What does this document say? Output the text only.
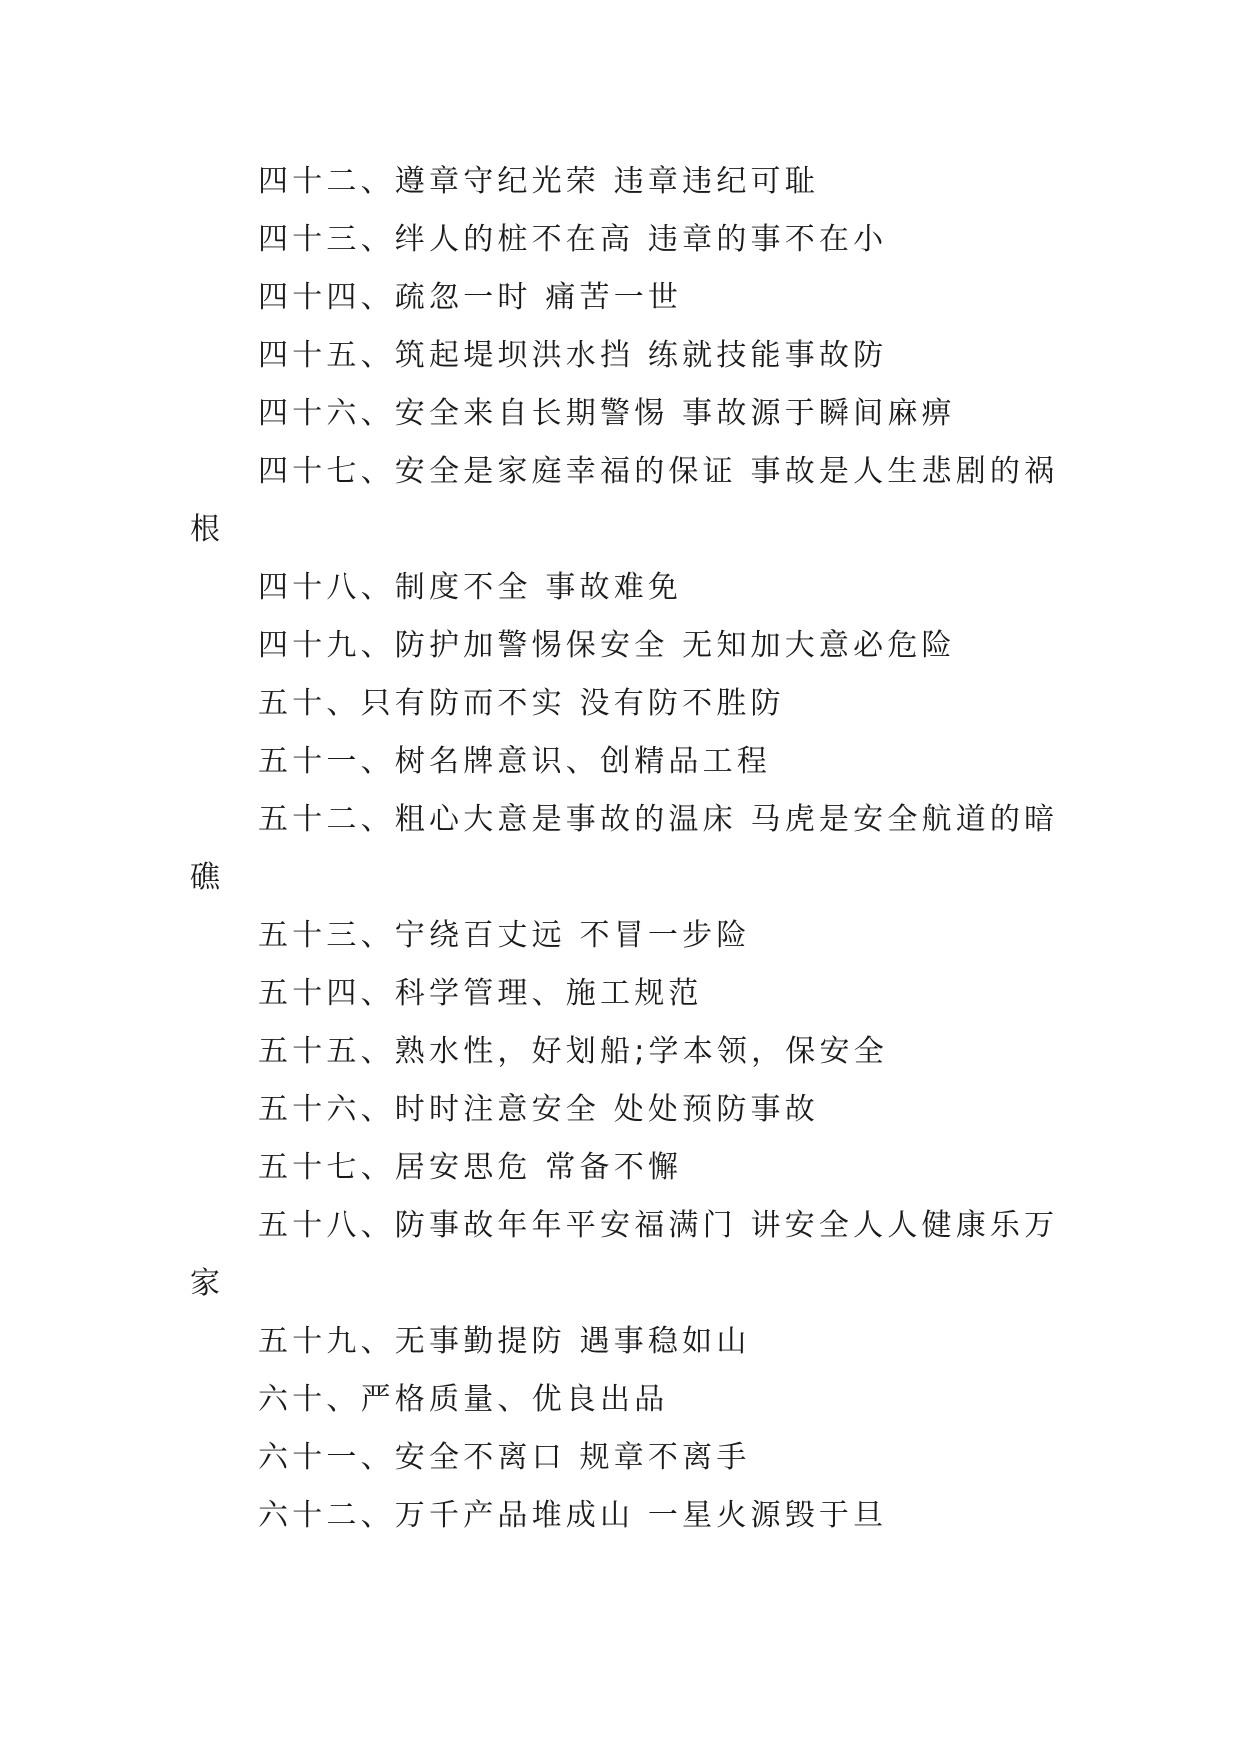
四十二、遵章守纪光荣 违章违纪可耻

四十三、绊人的桩不在高 违章的事不在小

四十四、疏忽一时 痛苦一世

四十五、筑起堤坝洪水挡 练就技能事故防

四十六、安全来自长期警惕 事故源于瞬间麻痹

四十七、安全是家庭幸福的保证 事故是人生悲剧的祸根

四十八、制度不全 事故难免

四十九、防护加警惕保安全 无知加大意必危险

五十、只有防而不实 没有防不胜防

五十一、树名牌意识、创精品工程

五十二、粗心大意是事故的温床 马虎是安全航道的暗礁

五十三、宁绕百丈远 不冒一步险

五十四、科学管理、施工规范

五十五、熟水性，好划船;学本领，保安全

五十六、时时注意安全 处处预防事故

五十七、居安思危 常备不懈

五十八、防事故年年平安福满门 讲安全人人健康乐万家

五十九、无事勤提防 遇事稳如山

六十、严格质量、优良出品

六十一、安全不离口 规章不离手

六十二、万千产品堆成山 一星火源毁于旦
